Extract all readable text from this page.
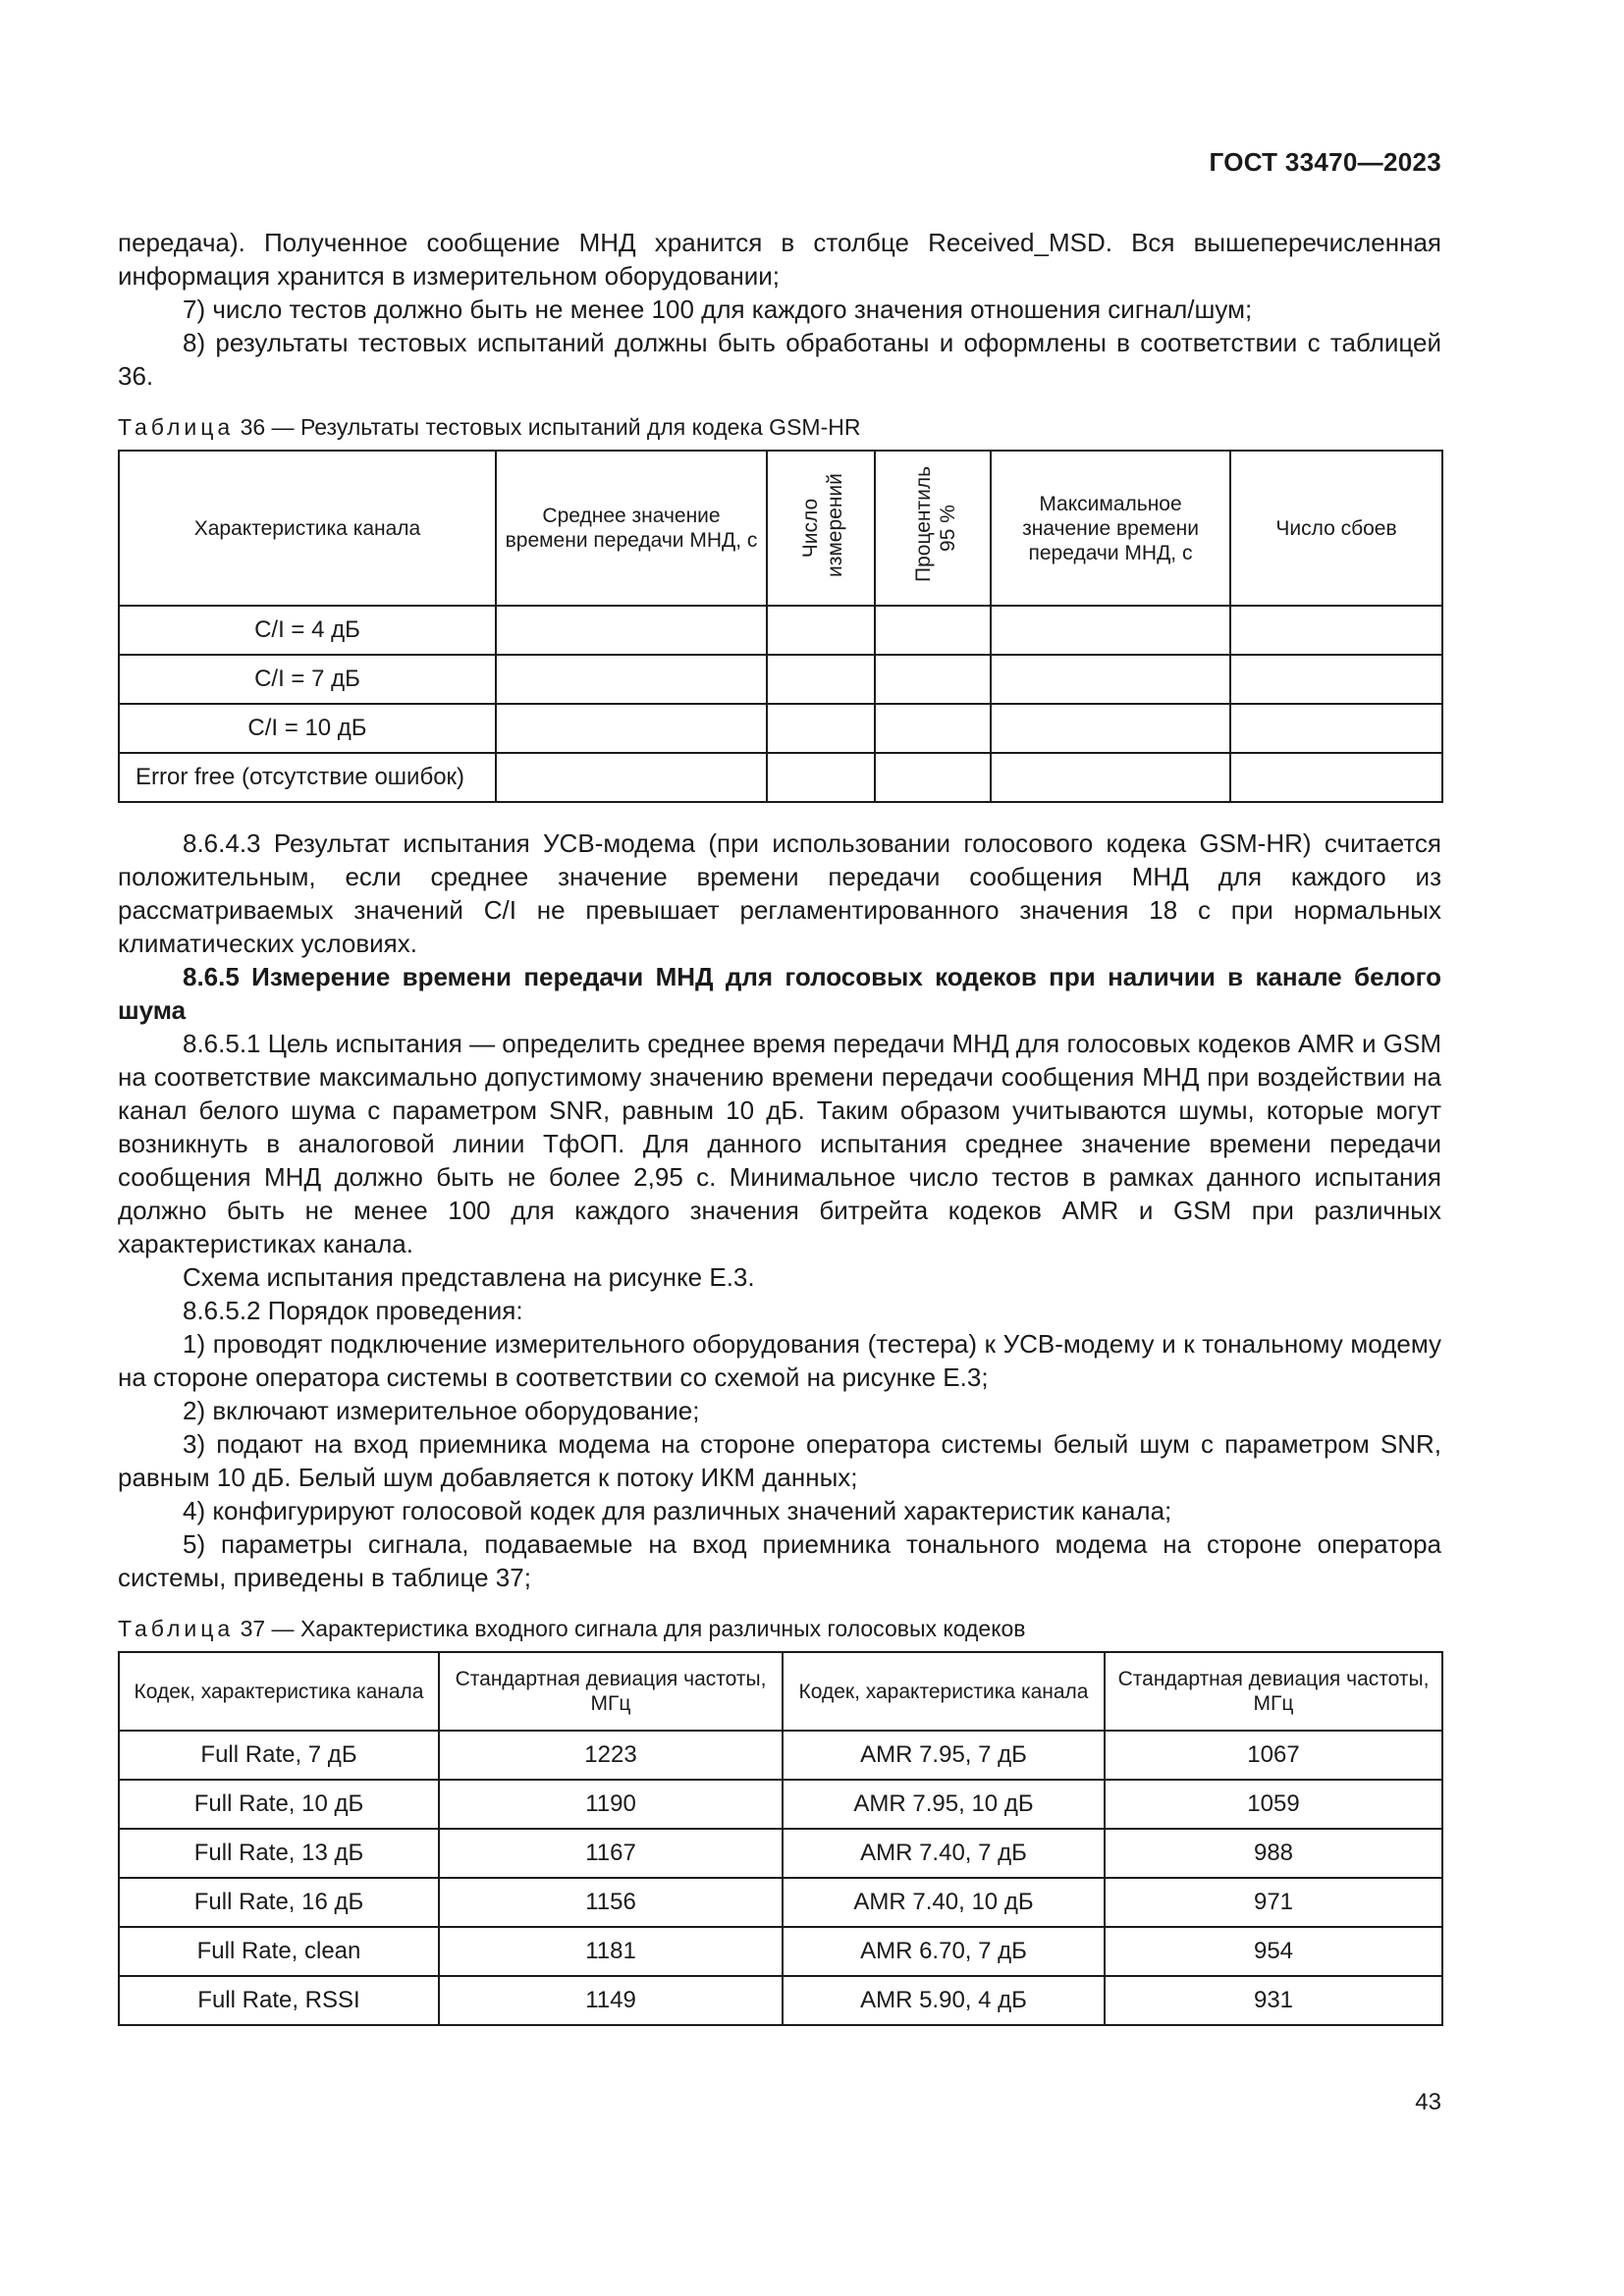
ГОСТ 33470—2023

передача). Полученное сообщение МНД хранится в столбце Received_MSD. Вся вышеперечисленная информация хранится в измерительном оборудовании;

7) число тестов должно быть не менее 100 для каждого значения отношения сигнал/шум;

8) результаты тестовых испытаний должны быть обработаны и оформлены в соответствии с таблицей 36.

Таблица 36 — Результаты тестовых испытаний для кодека GSM-HR
Характеристика канала	Среднее значение времени передачи МНД, с	Число измерений	Процентиль 95 %	Максимальное значение времени передачи МНД, с	Число сбоев
C/I = 4 дБ					
C/I = 7 дБ					
C/I = 10 дБ					
Error free (отсутствие ошибок)					

8.6.4.3 Результат испытания УСВ-модема (при использовании голосового кодека GSM-HR) считается положительным, если среднее значение времени передачи сообщения МНД для каждого из рассматриваемых значений C/I не превышает регламентированного значения 18 с при нормальных климатических условиях.

8.6.5 Измерение времени передачи МНД для голосовых кодеков при наличии в канале белого шума

8.6.5.1 Цель испытания — определить среднее время передачи МНД для голосовых кодеков AMR и GSM на соответствие максимально допустимому значению времени передачи сообщения МНД при воздействии на канал белого шума с параметром SNR, равным 10 дБ. Таким образом учитываются шумы, которые могут возникнуть в аналоговой линии ТфОП. Для данного испытания среднее значение времени передачи сообщения МНД должно быть не более 2,95 с. Минимальное число тестов в рамках данного испытания должно быть не менее 100 для каждого значения битрейта кодеков AMR и GSM при различных характеристиках канала.

Схема испытания представлена на рисунке Е.3.

8.6.5.2 Порядок проведения:

1) проводят подключение измерительного оборудования (тестера) к УСВ-модему и к тональному модему на стороне оператора системы в соответствии со схемой на рисунке Е.3;

2) включают измерительное оборудование;

3) подают на вход приемника модема на стороне оператора системы белый шум с параметром SNR, равным 10 дБ. Белый шум добавляется к потоку ИКМ данных;

4) конфигурируют голосовой кодек для различных значений характеристик канала;

5) параметры сигнала, подаваемые на вход приемника тонального модема на стороне оператора системы, приведены в таблице 37;

Таблица 37 — Характеристика входного сигнала для различных голосовых кодеков
Кодек, характеристика канала	Стандартная девиация частоты, МГц	Кодек, характеристика канала	Стандартная девиация частоты, МГц
Full Rate, 7 дБ	1223	AMR 7.95, 7 дБ	1067
Full Rate, 10 дБ	1190	AMR 7.95, 10 дБ	1059
Full Rate, 13 дБ	1167	AMR 7.40, 7 дБ	988
Full Rate, 16 дБ	1156	AMR 7.40, 10 дБ	971
Full Rate, clean	1181	AMR 6.70, 7 дБ	954
Full Rate, RSSI	1149	AMR 5.90, 4 дБ	931
43
